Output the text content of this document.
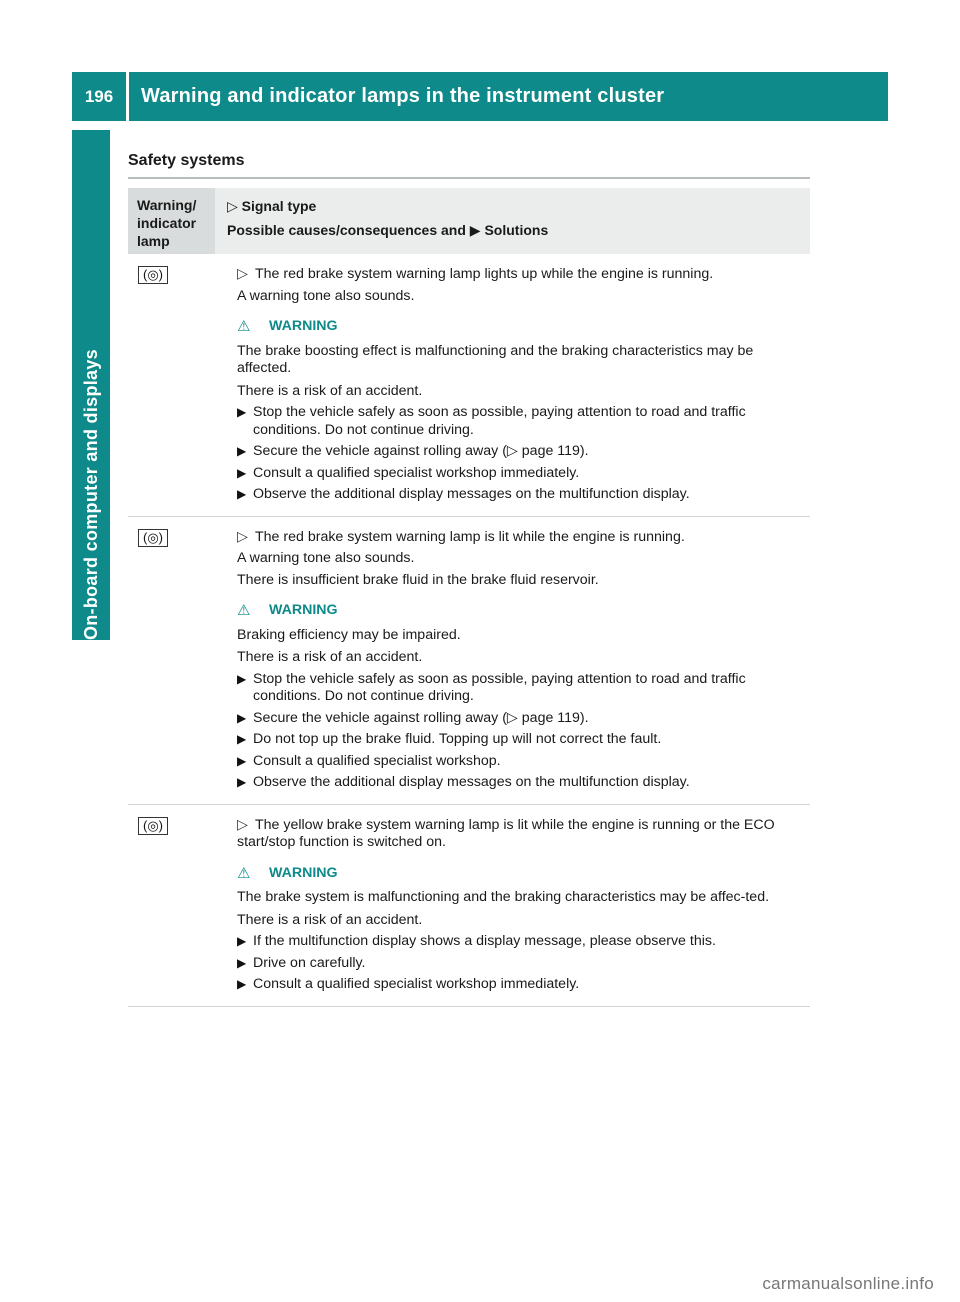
196	Warning and indicator lamps in the instrument cluster
On-board computer and displays
Safety systems
Warning/ indicator lamp
▷ Signal type
Possible causes/consequences and ▶ Solutions
(◎)	▷ The red brake system warning lamp lights up while the engine is running.

A warning tone also sounds.

⚠	WARNING

The brake boosting effect is malfunctioning and the braking characteristics may be affected.

There is a risk of an accident.

▶ Stop the vehicle safely as soon as possible, paying attention to road and traffic conditions. Do not continue driving.
▶ Secure the vehicle against rolling away (▷ page 119).
▶ Consult a qualified specialist workshop immediately.
▶ Observe the additional display messages on the multifunction display.
(◎)	▷ The red brake system warning lamp is lit while the engine is running.

A warning tone also sounds.

There is insufficient brake fluid in the brake fluid reservoir.

⚠	WARNING

Braking efficiency may be impaired.

There is a risk of an accident.

▶ Stop the vehicle safely as soon as possible, paying attention to road and traffic conditions. Do not continue driving.
▶ Secure the vehicle against rolling away (▷ page 119).
▶ Do not top up the brake fluid. Topping up will not correct the fault.
▶ Consult a qualified specialist workshop.
▶ Observe the additional display messages on the multifunction display.
(◎)	▷ The yellow brake system warning lamp is lit while the engine is running or the ECO start/stop function is switched on.

⚠	WARNING

The brake system is malfunctioning and the braking characteristics may be affec-ted.

There is a risk of an accident.

▶ If the multifunction display shows a display message, please observe this.
▶ Drive on carefully.
▶ Consult a qualified specialist workshop immediately.
carmanualsonline.info
